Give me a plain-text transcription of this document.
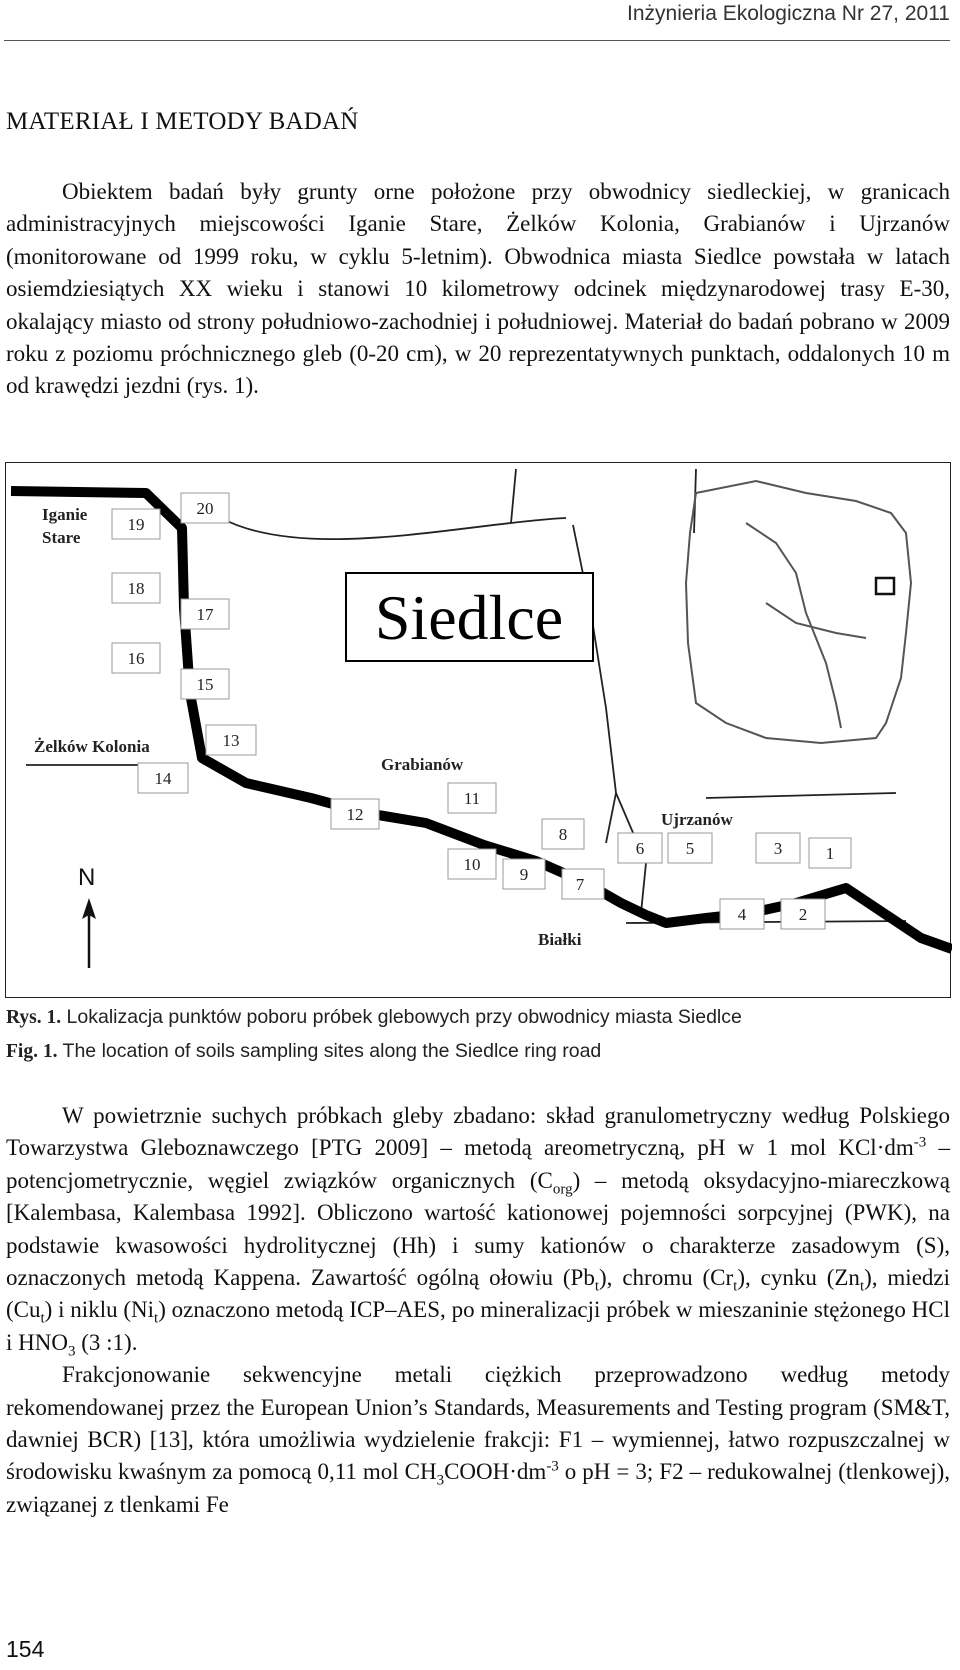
Inżynieria Ekologiczna Nr 27, 2011
MATERIAŁ I METODY BADAŃ

Obiektem badań były grunty orne położone przy obwodnicy siedleckiej, w granicach administracyjnych miejscowości Iganie Stare, Żelków Kolonia, Grabianów i Ujrzanów (monitorowane od 1999 roku, w cyklu 5-letnim). Obwodnica miasta Siedlce powstała w latach osiemdziesiątych XX wieku i stanowi 10 kilometrowy odcinek międzynarodowej trasy E-30, okalający miasto od strony południowo-zachodniej i południowej. Materiał do badań pobrano w 2009 roku z poziomu próchnicznego gleb (0-20 cm), w 20 reprezentatywnych punktach, oddalonych 10 m od krawędzi jezdni (rys. 1).

Siedlce
Iganie
Stare
Żelków Kolonia
Grabianów
Ujrzanów
Białki
N
20
19
18
17
16
15
14
13
12
11
10
9
8
7
6 5
4
3
2
1
Rys. 1. Lokalizacja punktów poboru próbek glebowych przy obwodnicy miasta Siedlce
Fig. 1. The location of soils sampling sites along the Siedlce ring road

W powietrznie suchych próbkach gleby zbadano: skład granulometryczny według Polskiego Towarzystwa Gleboznawczego [PTG 2009] – metodą areometryczną, pH w 1 mol $KCl\cdot dm^{-3}$ – potencjometrycznie, węgiel związków organicznych $(C_{org})$ – metodą oksydacyjno-miareczkową [Kalembasa, Kalembasa 1992]. Obliczono wartość kationowej pojemności sorpcyjnej (PWK), na podstawie kwasowości hydrolitycznej (Hh) i sumy kationów o charakterze zasadowym (S), oznaczonych metodą Kappena. Zawartość ogólną ołowiu $(Pb_t)$, chromu $(Cr_t)$, cynku $(Zn_t)$, miedzi $(Cu_t)$ i niklu $(Ni_t)$ oznaczono metodą ICP–AES, po mineralizacji próbek w mieszaninie stężonego HCl i $HNO_3$ (3 :1).

Frakcjonowanie sekwencyjne metali ciężkich przeprowadzono według metody rekomendowanej przez the European Union’s Standards, Measurements and Testing program (SM&T, dawniej BCR) [13], która umożliwia wydzielenie frakcji: F1 – wymiennej, łatwo rozpuszczalnej w środowisku kwaśnym za pomocą 0,11 mol $CH_3COOH\cdot dm^{-3}$ o pH = 3; F2 – redukowalnej (tlenkowej), związanej z tlenkami Fe

154
